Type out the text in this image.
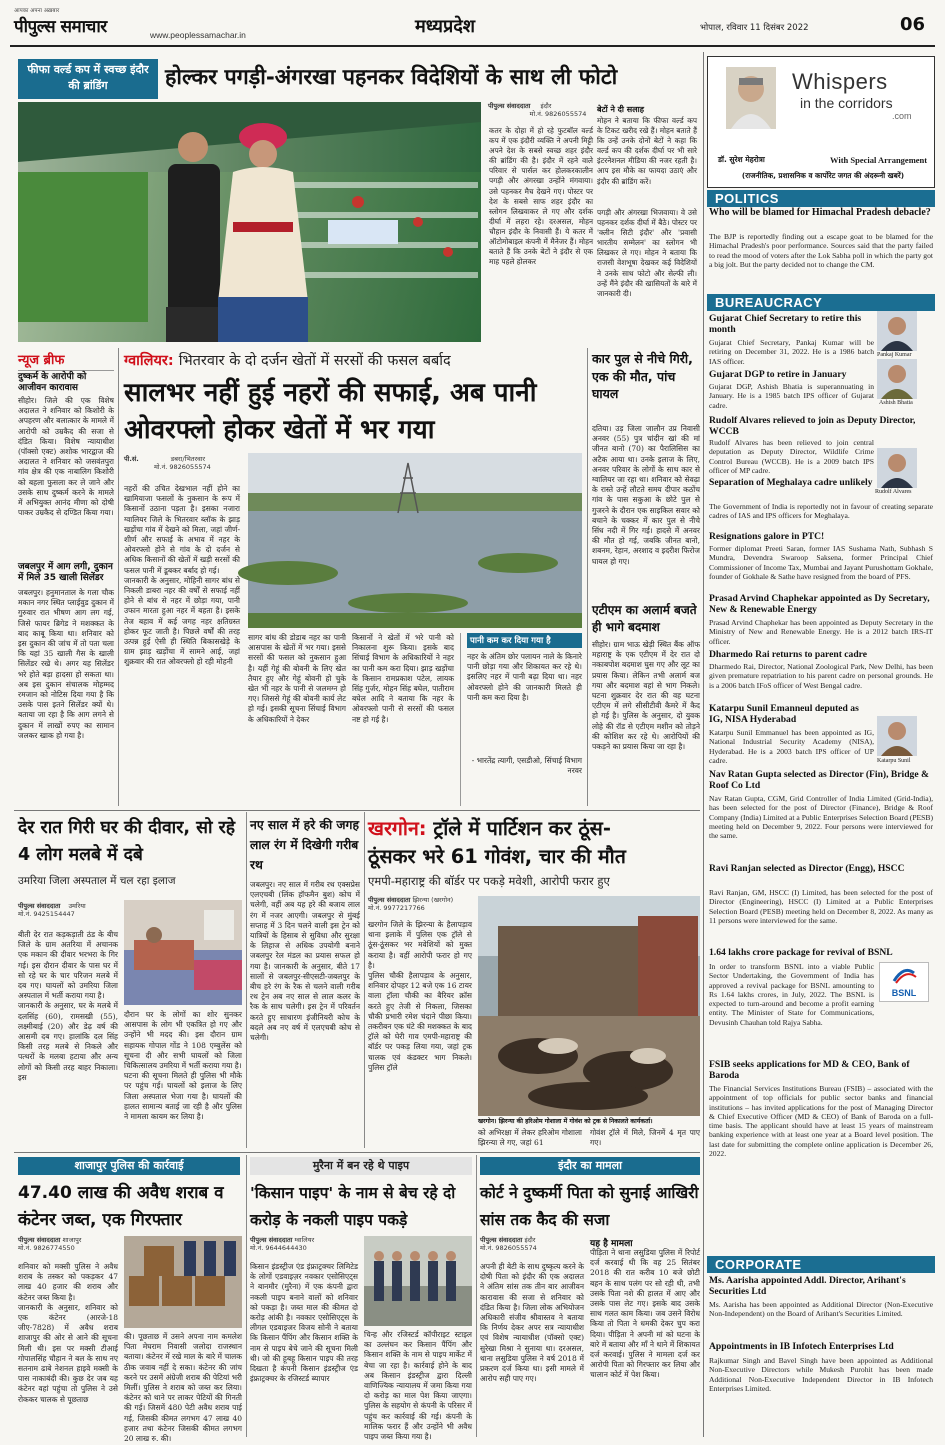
आपका अपना अख़बार
पीपुल्स समाचार	www.peoplessamachar.in	मध्यप्रदेश	भोपाल, रविवार 11 दिसंबर 2022	06
फीफा वर्ल्ड कप में स्वच्छ इंदौर की ब्रांडिंग	होल्कर पगड़ी-अंगरखा पहनकर विदेशियों के साथ ली फोटो
पीपुल्स संवाददाता इंदौर
मो.नं. 9826055574
कतर के दोहा में हो रहे फुटबॉल वर्ल्ड कप में एक इंदौरी व्यक्ति ने अपनी मिट्टी अपने देश के सबसे स्वच्छ शहर इंदौर की ब्रांडिंग की है। इंदौर में रहने वाले परिवार से पार्सल कर होलकरकालीन पगड़ी और अंगरखा उन्होंने मंगवाया। उसे पहनकर मैच देखने गए। पोस्टर पर देश के सबसे साफ शहर इंदौर का स्लोगन लिखवाकर ले गए और दर्शक दीर्घा में लहरा रहे। दरअसल, मोहन चौहान इंदौर के निवासी हैं। ये कतर में ऑटोमोबाइल कंपनी में मैनेजर हैं। मोहन बताते हैं कि उनके बेटों ने इंदौर से एक माह पहले होलकर
बेटों ने दी सलाह
मोहन ने बताया कि फीफा वर्ल्ड कप के टिकट खरीद रखे हैं। मोहन बताते हैं कि उन्हें उनके दोनों बेटों ने कहा कि वर्ल्ड कप की दर्शक दीर्घा पर भी सारे इंटरनेशनल मीडिया की नजर रहती है। आप इस मौके का फायदा उठाएं और इंदौर की ब्रांडिंग करें।
पगड़ी और अंगरखा भिजवाया। वे उसे पहनकर दर्शक दीर्घा में बैठे। पोस्टर पर 'क्लीन सिटी इंदौर' और 'प्रवासी भारतीय सम्मेलन' का स्लोगन भी लिखकर ले गए। मोहन ने बताया कि राजसी वेशभूषा देखकर कई विदेशियों ने उनके साथ फोटो और सेल्फी ली। उन्हें मैंने इंदौर की खासियतों के बारे में जानकारी दी।
Whispers
in the corridors
.com
डॉ. सुरेश मेहरोत्रा	With Special Arrangement
(राजनीतिक, प्रशासनिक व कार्पोरेट जगत की अंदरूनी खबरें)
POLITICS
Who will be blamed for Himachal Pradesh debacle?
The BJP is reportedly finding out a escape goat to be blamed for the Himachal Pradesh's poor performance. Sources said that the party failed to read the mood of voters after the Lok Sabha poll in which the party got a big jolt. But the party decided not to change the CM.
BUREAUCRACY
Gujarat Chief Secretary to retire this month
Gujarat Chief Secretary, Pankaj Kumar will be retiring on December 31, 2022. He is a 1986 batch IAS officer.
Pankaj Kumar
Gujarat DGP to retire in January
Gujarat DGP, Ashish Bhatia is superannuating in January. He is a 1985 batch IPS officer of Gujarat cadre.	Ashish Bhatia
Rudolf Alvares relieved to join as Deputy Director, WCCB
Rudolf Alvares has been relieved to join central deputation as Deputy Director, Wildlife Crime Control Bureau (WCCB). He is a 2009 batch IPS officer of MP cadre.
Rudolf Alvares
Separation of Meghalaya cadre unlikely
The Government of India is reportedly not in favour of creating separate cadres of IAS and IPS officers for Meghalaya.
Resignations galore in PTC!
Former diplomat Preeti Saran, former IAS Sushama Nath, Subhash S Mundra, Devendra Swaroop Saksena, former Principal Chief Commissioner of Income Tax, Mumbai and Jayant Purushottam Gokhale, founder of Gokhale & Sathe have resigned from the board of PFS.
Prasad Arvind Chaphekar appointed as Dy Secretary, New & Renewable Energy
Prasad Arvind Chaphekar has been appointed as Deputy Secretary in the Ministry of New and Renewable Energy. He is a 2012 batch IRS-IT officer.
Dharmedo Rai returns to parent cadre
Dharmedo Rai, Director, National Zoological Park, New Delhi, has been given premature repatriation to his parent cadre on personal grounds. He is a 2006 batch IFoS officer of West Bengal cadre.
Katarpu Sunil Emanneul deputed as IG, NISA Hyderabad
Katarpu Sunil Emmanuel has been appointed as IG, National Industrial Security Academy (NISA), Hyderabad. He is a 2003 batch IPS officer of UP cadre.	Katarpu Sunil
Nav Ratan Gupta selected as Director (Fin), Bridge & Roof Co Ltd
Nav Ratan Gupta, CGM, Grid Controller of India Limited (Grid-India), has been selected for the post of Director (Finance), Bridge & Roof Company (India) Limited at a Public Enterprises Selection Board (PESB) meeting held on December 9, 2022. Four persons were interviewed for the same.
Ravi Ranjan selected as Director (Engg), HSCC
Ravi Ranjan, GM, HSCC (I) Limited, has been selected for the post of Director (Engineering), HSCC (I) Limited at a Public Enterprises Selection Board (PESB) meeting held on December 8, 2022. As many as 11 persons were interviewed for the same.
1.64 lakhs crore package for revival of BSNL
In order to transform BSNL into a viable Public Sector Undertaking, the Government of India has approved a revival package for BSNL amounting to Rs 1.64 lakhs crores, in July, 2022. The BSNL is expected to turn-around and become a profit earning entity. The Minister of State for Communications, Devusinh Chauhan told Rajya Sabha.
BSNL
FSIB seeks applications for MD & CEO, Bank of Baroda
The Financial Services Institutions Bureau (FSIB) – associated with the appointment of top officials for public sector banks and financial institutions – has invited applications for the post of Managing Director & Chief Executive Officer (MD & CEO) of Bank of Baroda on a full-time basis. The applicant should have at least 15 years of mainstream banking experience with at least one year at a Board level position. The last date for submitting the complete online application is December 26, 2022.
CORPORATE
Ms. Aarisha appointed Addl. Director, Arihant's Securities Ltd
Ms. Aarisha has been appointed as Additional Director (Non-Executive Non-Independent) on the Board of Arihant's Securities Limited.
Appointments in IB Infotech Enterprises Ltd
Rajkumar Singh and Bavel Singh have been appointed as Additional Non-Executive Directors while Mukesh Purohit has been made Additional Non-Executive Independent Director in IB Infotech Enterprises Limited.
न्यूज ब्रीफ
दुष्कर्म के आरोपी को आजीवन कारावास
सीहोर। जिले की एक विशेष अदालत ने शनिवार को किशोरी के अपहरण और बलात्कार के मामले में आरोपी को उम्रकैद की सजा से दंडित किया। विशेष न्यायाधीश (पॉक्सो एक्ट) अशोक भारद्वाज की अदालत ने शनिवार को जसवंतपुरा गांव क्षेत्र की एक नाबालिग किशोरी को बहला फुसला कर ले जाने और उसके साथ दुष्कर्म करने के मामले में अभियुक्त आनंद मीणा को दोषी पाकर उम्रकैद से दण्डित किया गया।
जबलपुर में आग लगी, दुकान में मिले 35 खाली सिलेंडर
जबलपुर। हनुमानताल के गला चौक मकान नगर स्थित प्लाईवुड दुकान में गुरुवार रात भीषण आग लग गई, जिसे फायर ब्रिगेड ने मशक्कत के बाद काबू किया था। शनिवार को इस दुकान की जांच में तो पता चला कि यहां 35 खाली गैस के खाली सिलेंडर रखे थे। अगर यह सिलेंडर भरे होते बड़ा हादसा हो सकता था। अब इस दुकान संचालक मोहम्मद रमजान को नोटिस दिया गया है कि उसके पास इतने सिलेंडर क्यों थे। बताया जा रहा है कि आग लगने से दुकान में लाखों रुपए का सामान जलकर खाक हो गया है।
ग्वालियर: भितरवार के दो दर्जन खेतों में सरसों की फसल बर्बाद
सालभर नहीं हुई नहरों की सफाई, अब पानी ओवरफ्लो होकर खेतों में भर गया
पी.सं.	डबरा/भितरवार
मो.नं. 9826055574
नहरों की उचित देखभाल नहीं होने का खामियाजा फसलों के नुकसान के रूप में किसानों उठाना पड़ता है। इसका नजारा ग्वालियर जिले के भितरवार ब्लॉक के झाड़ खड़ोंचा गांव में देखने को मिला, जहां जीर्ण-शीर्ण और सफाई के अभाव में नहर के ओवरफ्लो होने से गांव के दो दर्जन से अधिक किसानों की खेतों में खड़ी सरसों की फसल पानी में डूबकर बर्बाद हो गई।
जानकारी के अनुसार, मोहिनी सागर बांध से निकली डाबरा नहर की वर्षों से सफाई नहीं होने से बांध से नहर में छोड़ा गया, पानी उफान मारता हुआ नहर में बहता है। इसके तेज बहाव में कई जगह नहर क्षतिग्रस्त होकर फूट जाती है। पिछले वर्षों की तरह उत्पन्न हुई ऐसी ही स्थिति बिकासखेड़े के ग्राम झाड़ खड़ोंचा में सामने आई, जहां शुक्रवार की रात ओवरफ्लो हो रही मोहनी
सागर बांध की डोडाब नहर का पानी आसपास के खेतों में भर गया। इससे सरसों की फसल को नुकसान हुआ है। यहीं गेहूं की बोवनी के लिए खेत तैयार हुए और गेहूं बोवनी हो चुके खेत भी नहर के पानी से जलमग्न हो गए। जिससे गेहूं की बोवनी कार्य लेट हो गई। इसकी सूचना सिंचाई विभाग के अधिकारियों ने देकर
किसानों ने खेतों में भरे पानी को निकालना शुरू किया। इसके बाद सिंचाई विभाग के अधिकारियों ने नहर का पानी कम करा दिया। झाड़ खड़ोंचा के किसान रामप्रकाश पटेल, लायक सिंह गुर्जर, मोहन सिंह बघेल, पातीराम बघेल आदि ने बताया कि नहर के ओवरफ्लो पानी से सरसों की फसल नष्ट हो गई है।
पानी कम कर दिया गया है
नहर के अंतिम छोर पलायन नाले के किनारे पानी छोड़ा गया और शिकायत कर रहे थे। इसलिए नहर में पानी बढ़ा दिया था। नहर ओवरफ्लो होने की जानकारी मिलते ही पानी कम करा दिया है।
- भारतेंद्र त्यागी, एसडीओ, सिंचाई विभाग नरवर
कार पुल से नीचे गिरी, एक की मौत, पांच घायल
दतिया। उड़ जिला जालौन उप्र निवासी अनवर (55) पुत्र चांदीन खां की मां जीनत बानो (70) का पैरालिसिस का अटैक आया था। उनके इलाज के लिए, अनवर परिवार के लोगों के साथ कार से ग्वालियर जा रहा था। शनिवार को सेवढ़ा के रास्ते उन्हें लौटते समय दीपार कठोंच गांव के पास सकुआ के छोटे पुल से गुजरने के दौरान एक साइकिल सवार को बचाने के चक्कर में कार पुल से नीचे सिंध नदी में गिर गई। हादसे में अनवर की मौत हो गई, जबकि जीनत बानो, शबनम, रेहान, अरशाद व इदरीश फिरोज घायल हो गए।
एटीएम का अलार्म बजते ही भागे बदमाश
सीहोर। ग्राम भाऊ खेड़ी स्थित बैंक ऑफ महाराष्ट्र के एक एटीएम में देर रात दो नकाबपोश बदमाश घुस गए और लूट का प्रयास किया। लेकिन तभी अलार्म बज गया और बदमाश वहां से भाग निकले। घटना शुक्रवार देर रात की वह घटना एटीएम में लगे सीसीटीवी कैमरे में कैद हो गई है। पुलिस के अनुसार, दो युवक लोहे की रॉड से एटीएम मशीन को तोड़ने की कोशिश कर रहे थे। आरोपियों की पकड़ने का प्रयास किया जा रहा है।
देर रात गिरी घर की दीवार, सो रहे 4 लोग मलबे में दबे
उमरिया जिला अस्पताल में चल रहा इलाज
पीपुल्स संवाददाता उमरिया
मो.नं. 9425154447
बीती देर रात कड़कड़ाती ठंड के बीच जिले के ग्राम अतरिया में अचानक एक मकान की दीवार भरभरा के गिर गई। इस दौरान दीवार के पास घर में सो रहे घर के चार परिजन मलबे में दब गए। घायलों को उमरिया जिला अस्पताल में भर्ती कराया गया है।
जानकारी के अनुसार, घर के मलबे में दलसिंह (60), रामसखी (55), लक्ष्मीबाई (20) और डेढ़ वर्ष की आसमी दब गए। हालांकि दल सिंह किसी तरह मलबे से निकले और पत्थरों के मलबा हटाया और अन्य लोगों को किसी तरह बाहर निकाला। इस
दौरान घर के लोगों का शोर सुनकर आसपास के लोग भी एकत्रित हो गए और उन्होंने भी मदद की। इस दौरान ग्राम सहायक गोपाल गोंड ने 108 एम्बुलेंस को सूचना दी और सभी घायलों को जिला चिकित्सालय उमरिया में भर्ती कराया गया है।
घटना की सूचना मिलते ही पुलिस भी मौके पर पहुंच गई। घायलों को इलाज के लिए जिला अस्पताल भेजा गया है। घायलों की हालत सामान्य बताई जा रही है और पुलिस ने मामला कायम कर लिया है।
नए साल में हरे की जगह लाल रंग में दिखेगी गरीब रथ
जबलपुर। नए साल में गरीब रथ एक्सप्रेस एलएचबी (लिंक हॉफमैन बुश) कोच में चलेगी, वहीं अब यह हरे की बजाय लाल रंग में नजर आएगी। जबलपुर से मुंबई सप्ताह में 3 दिन चलने वाली इस ट्रेन को यात्रियों के हिसाब से सुविधा और सुरक्षा के लिहाज से अधिक उपयोगी बनाने जबलपुर रेल मंडल का प्रयास सफल हो गया है। जानकारी के अनुसार, बीते 17 सालों से जबलपुर-सीएसटी-जबलपुर के बीच हरे रंग के रैक से चलने वाली गरीब रथ ट्रेन अब नए साल से लाल कलर के रैक के साथ चलेगी। इस ट्रेन में परिवर्तन करते हुए साधारण इंजीनियरी कोच के बदले अब नए वर्ष में एलएचबी कोच से चलेगी।
खरगोन: ट्रॉले में पार्टिशन कर ठूंस-
ठूंसकर भरे 61 गोवंश, चार की मौत
एमपी-महाराष्ट्र की बॉर्डर पर पकड़े मवेशी, आरोपी फरार हुए
पीपुल्स संवाददाता झिरन्या (खरगोन)
मो.नं. 9977217766
खरगोन जिले के झिरन्या के हैलापड़ाव थाना इलाके में पुलिस एक ट्रॉले से ठूंस-ठूंसकर भर मवेशियों को मुक्त कराया है। वहीं आरोपी फरार हो गए है।
पुलिस चौकी हैलापड़ाव के अनुसार, शनिवार दोपहर 12 बजे एक 16 टायर वाला ट्रॉला चौकी का बैरियर क्रॉस करते हुए तेजी से निकला, जिसका चौकी प्रभारी रमेश चंदाने पीछा किया। तकरीबन एक घंटे की मशक्कत के बाद ट्रॉले को घेरी गाव एमपी-महाराष्ट्र की बॉर्डर पर पकड़ लिया गया, जहां ट्रक चालक एवं कंडक्टर भाग निकले। पुलिस ट्रॉले
खरगोन। झिरन्या की हरिओम गोशाला में गोवंश को ट्रक से निकालते कार्यकर्ता।
को अभिरक्षा में लेकर हरिओम गोशाला झिरन्या ले गए, जहां 61
गोवंश ट्रॉले में मिले, जिनमें 4 मृत पाए गए।
शाजापुर पुलिस की कार्रवाई
47.40 लाख की अवैध शराब व कंटेनर जब्त, एक गिरफ्तार
पीपुल्स संवाददाता शाजापुर
मो.नं. 9826774550
शनिवार को मक्सी पुलिस ने अवैध शराब के तस्कर को पकड़कर 47 लाख 40 हजार की शराब और कंटेनर जब्त किया है।
जानकारी के अनुसार, शनिवार को एक कंटेनर (आरजे-18 जीए-7828) में अवैध शराब शाजापुर की ओर से आने की सूचना मिली थी। इस पर मक्सी टीआई गोपालसिंह चौहान ने बल के साथ नए सतनाम ढाबे नेशनल हाइवे मक्सी के पास नाकाबंदी की। कुछ देर जब यह कंटेनर वहां पहुंचा तो पुलिस ने उसे रोककर चालक से पूछताछ
की। पूछताछ में उसने अपना नाम कमलेश पिता मेघराम निवासी जलोदा राजस्थान बताया। कंटेनर में रखे माल के बारे में चालक ठीक जवाब नहीं दे सका। कंटेनर की जांच करने पर उसमें अंग्रेजी शराब की पेटियां भरी मिलीं। पुलिस ने शराब को जब्त कर लिया। कंटेनर को थाने पर लाकर पेटियों की गिनती की गई। जिसमें 480 पेटी अवैध शराब पाई गई, जिसकी कीमत लगभग 47 लाख 40 हजार तथा कंटेनर जिसकी कीमत लगभग 20 लाख रु. की।
मुरैना में बन रहे थे पाइप
'किसान पाइप' के नाम से बेच रहे दो करोड़ के नकली पाइप पकड़े
पीपुल्स संवाददाता ग्वालियर
मो.नं. 9644644430
किसान इंडस्ट्रीज एंड इंफ्राट्रक्चर लिमिटेड के लोगों एडवाइज़र नवकार एसोसिएट्स ने बानमौर (मुरैना) में एक कंपनी द्वारा नकली पाइप बनाने वालों को शनिवार को पकड़ा है। जब्त माल की कीमत दो करोड़ आंकी है। नवकार एसोसिएट्स के लीगल एडवाइजर विजय सोनी ने बताया कि किसान पैंपिंग और किसान शक्ति के नाम से पाइप बेचे जाने की सूचना मिली थी। जो की हूबहू किसान पाइप की तरह दिखता है कंपनी किसान इंडस्ट्रीज एंड इंफ्राट्रक्चर के रजिस्टर्ड ब्यापार
चिन्ह और रजिस्टर्ड कॉपीराइट स्टाइल का उल्लंघन कर किसान पैंपिंग और किसान शक्ति के नाम से पाइप मार्केट में बेचा जा रहा है। कार्रवाई होने के बाद अब किसान इंडस्ट्रीज द्वारा दिल्ली वाणिज्यिक न्यायालय में जमा किया गया दो करोड़ का माल पेश किया जाएगा। पुलिस के सहयोग से कंपनी के परिसर में पहुंच कर कार्रवाई की गई। कंपनी के मालिक फरार हैं और उन्होंने भी अवैध पाइप जब्त किया गया है।
इंदौर का मामला
कोर्ट ने दुष्कर्मी पिता को सुनाई आखिरी सांस तक कैद की सजा
पीपुल्स संवाददाता इंदौर
मो.नं. 9826055574
अपनी ही बेटी के साथ दुष्कृत्य करने के दोषी पिता को इंदौर की एक अदालत ने अंतिम सांस तक तीन बार आजीवन कारावास की सजा से शनिवार को दंडित किया है। जिला लोक अभियोजन अधिकारी संजीव श्रीवास्तव ने बताया कि निर्णय देकर अपर सत्र न्यायाधीश एवं विशेष न्यायाधीश (पॉक्सो एक्ट) सुरेखा मिश्रा ने सुनाया था। दरअसल, थाना लसुडिया पुलिस ने वर्ष 2018 में प्रकरण दर्ज किया था। इसी मामले में आरोप सही पाए गए।
यह है मामला
पीड़िता ने थाना लसुडिया पुलिस में रिपोर्ट दर्ज करवाई थी कि वह 25 सितंबर 2018 की रात करीब 10 बजे छोटी बहन के साथ पलंग पर सो रही थी, तभी उसके पिता नशे की हालत में आए और उसके पास लेट गए। इसके बाद उसके साथ गलत काम किया। जब उसने विरोध किया तो पिता ने धमकी देकर चुप करा दिया। पीड़िता ने अपनी मां को घटना के बारे में बताया और माँ ने थाने में शिकायत दर्ज करवाई। पुलिस ने मामला दर्ज कर आरोपी पिता को गिरफ्तार कर लिया और चालान कोर्ट में पेश किया।
